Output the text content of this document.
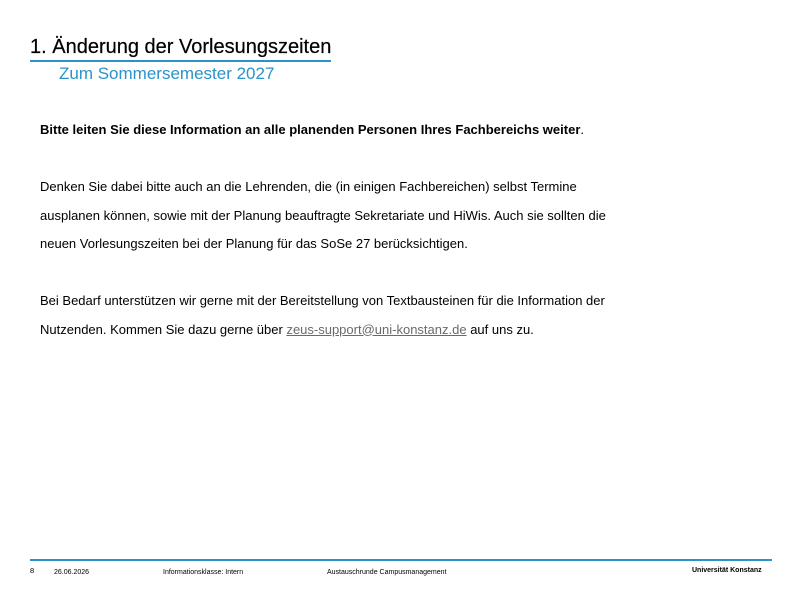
1. Änderung der Vorlesungszeiten
Zum Sommersemester 2027

Bitte leiten Sie diese Information an alle planenden Personen Ihres Fachbereichs weiter.

Denken Sie dabei bitte auch an die Lehrenden, die (in einigen Fachbereichen) selbst Termine
ausplanen können, sowie mit der Planung beauftragte Sekretariate und HiWis. Auch sie sollten die
neuen Vorlesungszeiten bei der Planung für das SoSe 27 berücksichtigen.

Bei Bedarf unterstützen wir gerne mit der Bereitstellung von Textbausteinen für die Information der
Nutzenden. Kommen Sie dazu gerne über zeus-support@uni-konstanz.de auf uns zu.

8	26.06.2026	Informationsklasse: Intern	Austauschrunde Campusmanagement	Universität Konstanz
